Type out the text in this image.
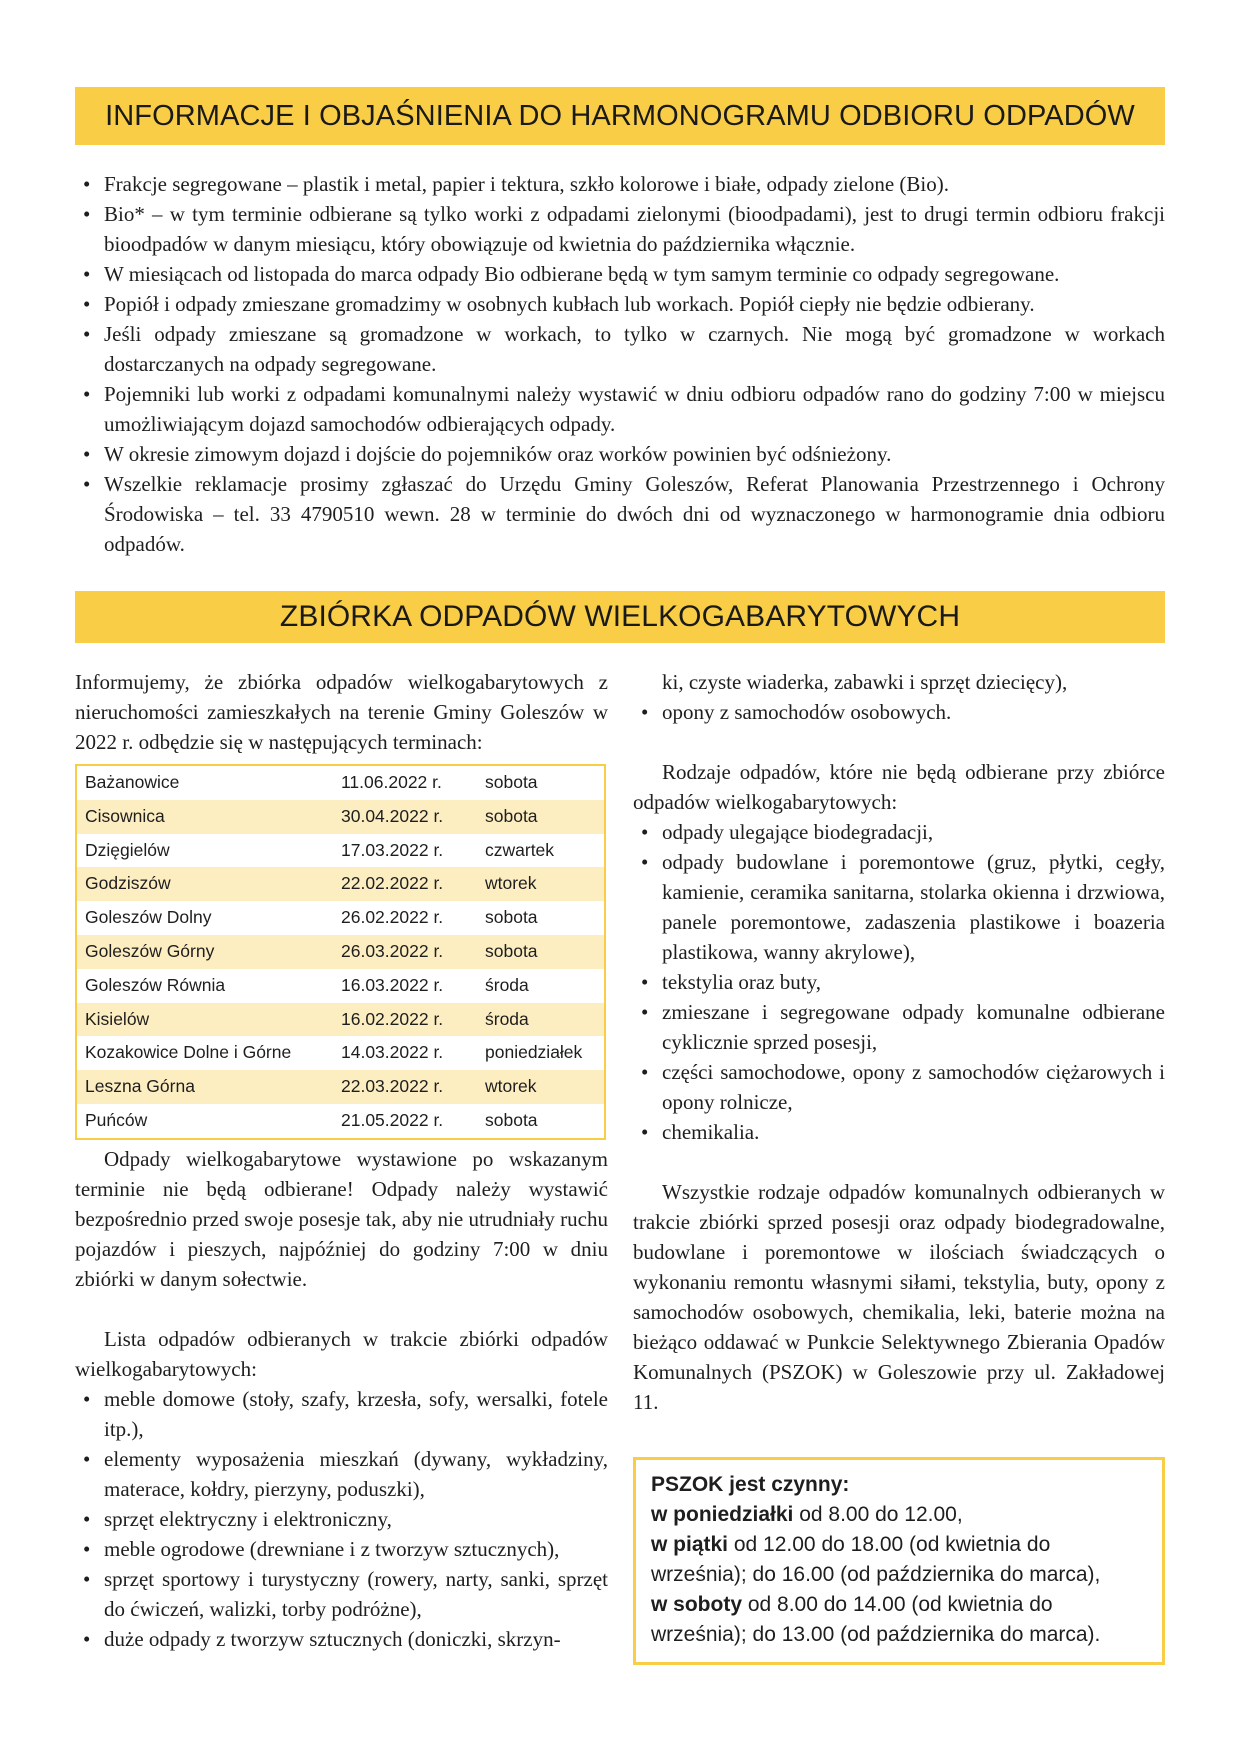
INFORMACJE I OBJAŚNIENIA DO HARMONOGRAMU ODBIORU ODPADÓW
• Frakcje segregowane – plastik i metal, papier i tektura, szkło kolorowe i białe, odpady zielone (Bio).

• Bio* – w tym terminie odbierane są tylko worki z odpadami zielonymi (bioodpadami), jest to drugi termin odbioru frakcji bioodpadów w danym miesiącu, który obowiązuje od kwietnia do października włącznie.

• W miesiącach od listopada do marca odpady Bio odbierane będą w tym samym terminie co odpady segregowane.

• Popiół i odpady zmieszane gromadzimy w osobnych kubłach lub workach. Popiół ciepły nie będzie odbierany.

• Jeśli odpady zmieszane są gromadzone w workach, to tylko w czarnych. Nie mogą być gromadzone w workach dostarczanych na odpady segregowane.

• Pojemniki lub worki z odpadami komunalnymi należy wystawić w dniu odbioru odpadów rano do godziny 7:00 w miejscu umożliwiającym dojazd samochodów odbierających odpady.

• W okresie zimowym dojazd i dojście do pojemników oraz worków powinien być odśnieżony.

• Wszelkie reklamacje prosimy zgłaszać do Urzędu Gminy Goleszów, Referat Planowania Przestrzennego i Ochrony Środowiska – tel. 33 4790510 wewn. 28 w terminie do dwóch dni od wyznaczonego w harmonogramie dnia odbioru odpadów.

ZBIÓRKA ODPADÓW WIELKOGABARYTOWYCH
Informujemy, że zbiórka odpadów wielkogabarytowych z nieruchomości zamieszkałych na terenie Gminy Goleszów w 2022 r. odbędzie się w następujących terminach:
Bażanowice	11.06.2022 r.	sobota
Cisownica	30.04.2022 r.	sobota
Dzięgielów	17.03.2022 r.	czwartek
Godziszów	22.02.2022 r.	wtorek
Goleszów Dolny	26.02.2022 r.	sobota
Goleszów Górny	26.03.2022 r.	sobota
Goleszów Równia	16.03.2022 r.	środa
Kisielów	16.02.2022 r.	środa
Kozakowice Dolne i Górne	14.03.2022 r.	poniedziałek
Leszna Górna	22.03.2022 r.	wtorek
Puńców	21.05.2022 r.	sobota
Odpady wielkogabarytowe wystawione po wskazanym terminie nie będą odbierane! Odpady należy wystawić bezpośrednio przed swoje posesje tak, aby nie utrudniały ruchu pojazdów i pieszych, najpóźniej do godziny 7:00 w dniu zbiórki w danym sołectwie.
Lista odpadów odbieranych w trakcie zbiórki odpadów wielkogabarytowych:
• meble domowe (stoły, szafy, krzesła, sofy, wersalki, fotele itp.),
• elementy wyposażenia mieszkań (dywany, wykładziny, materace, kołdry, pierzyny, poduszki),
• sprzęt elektryczny i elektroniczny,
• meble ogrodowe (drewniane i z tworzyw sztucznych),
• sprzęt sportowy i turystyczny (rowery, narty, sanki, sprzęt do ćwiczeń, walizki, torby podróżne),
• duże odpady z tworzyw sztucznych (doniczki, skrzyn-
ki, czyste wiaderka, zabawki i sprzęt dziecięcy),
• opony z samochodów osobowych.
Rodzaje odpadów, które nie będą odbierane przy zbiórce odpadów wielkogabarytowych:
• odpady ulegające biodegradacji,
• odpady budowlane i poremontowe (gruz, płytki, cegły, kamienie, ceramika sanitarna, stolarka okienna i drzwiowa, panele poremontowe, zadaszenia plastikowe i boazeria plastikowa, wanny akrylowe),
• tekstylia oraz buty,
• zmieszane i segregowane odpady komunalne odbierane cyklicznie sprzed posesji,
• części samochodowe, opony z samochodów ciężarowych i opony rolnicze,
• chemikalia.
Wszystkie rodzaje odpadów komunalnych odbieranych w trakcie zbiórki sprzed posesji oraz odpady biodegradowalne, budowlane i poremontowe w ilościach świadczących o wykonaniu remontu własnymi siłami, tekstylia, buty, opony z samochodów osobowych, chemikalia, leki, baterie można na bieżąco oddawać w Punkcie Selektywnego Zbierania Opadów Komunalnych (PSZOK) w Goleszowie przy ul. Zakładowej 11.
PSZOK jest czynny:
w poniedziałki od 8.00 do 12.00,
w piątki od 12.00 do 18.00 (od kwietnia do września); do 16.00 (od października do marca),
w soboty od 8.00 do 14.00 (od kwietnia do września); do 13.00 (od października do marca).
